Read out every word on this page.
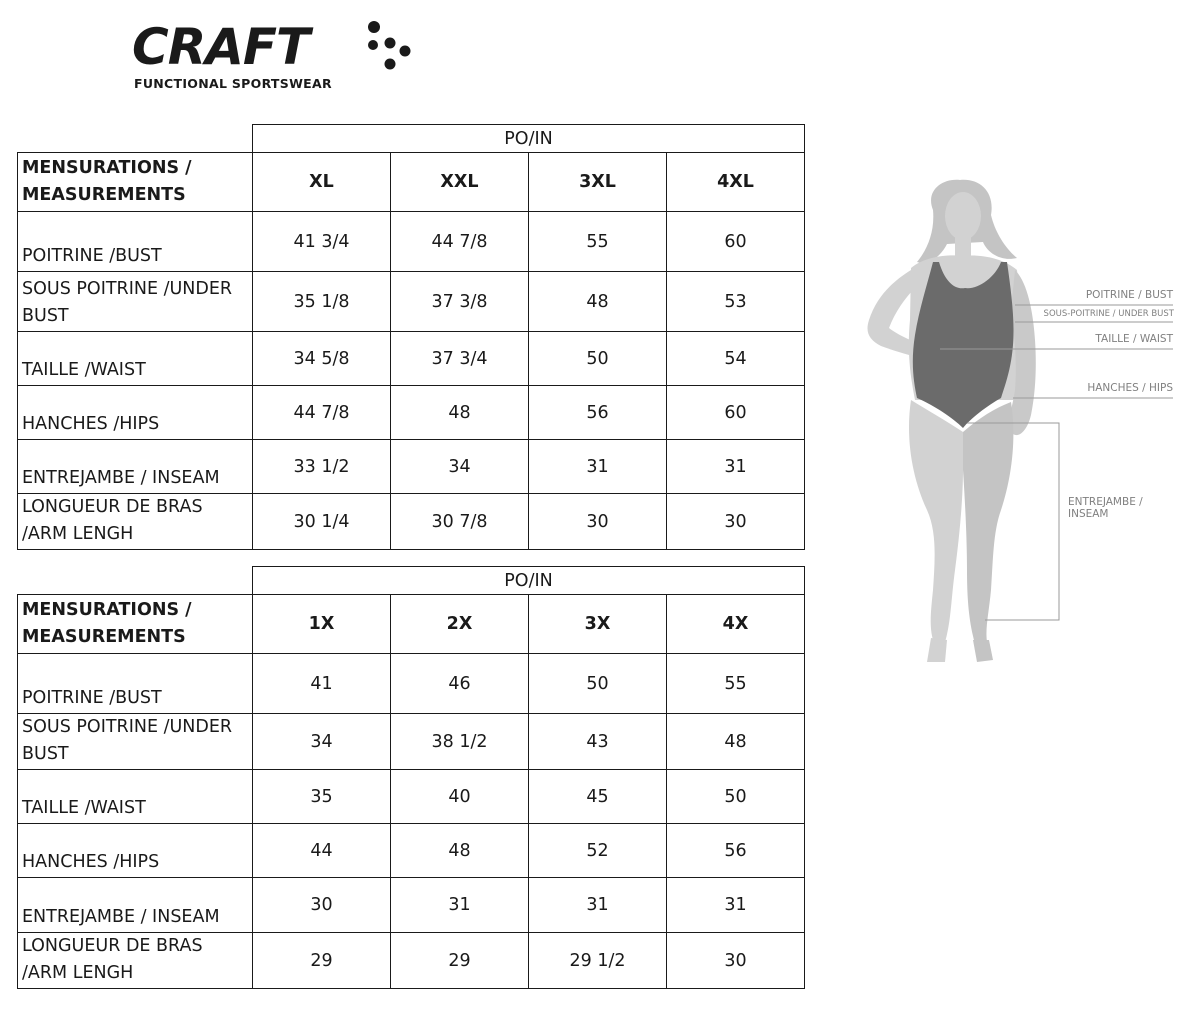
CRAFT
FUNCTIONAL SPORTSWEAR
	PO/IN			
MENSURATIONS / MEASUREMENTS	XL	XXL	3XL	4XL
POITRINE /BUST	41 3/4	44 7/8	55	60
SOUS POITRINE /UNDER BUST	35 1/8	37 3/8	48	53
TAILLE /WAIST	34 5/8	37 3/4	50	54
HANCHES /HIPS	44 7/8	48	56	60
ENTREJAMBE / INSEAM	33 1/2	34	31	31
LONGUEUR DE BRAS /ARM LENGH	30 1/4	30 7/8	30	30
	PO/IN			
MENSURATIONS / MEASUREMENTS	1X	2X	3X	4X
POITRINE /BUST	41	46	50	55
SOUS POITRINE /UNDER BUST	34	38 1/2	43	48
TAILLE /WAIST	35	40	45	50
HANCHES /HIPS	44	48	52	56
ENTREJAMBE / INSEAM	30	31	31	31
LONGUEUR DE BRAS /ARM LENGH	29	29	29 1/2	30
POITRINE / BUST
SOUS-POITRINE / UNDER BUST
TAILLE / WAIST
HANCHES / HIPS
ENTREJAMBE /
INSEAM
